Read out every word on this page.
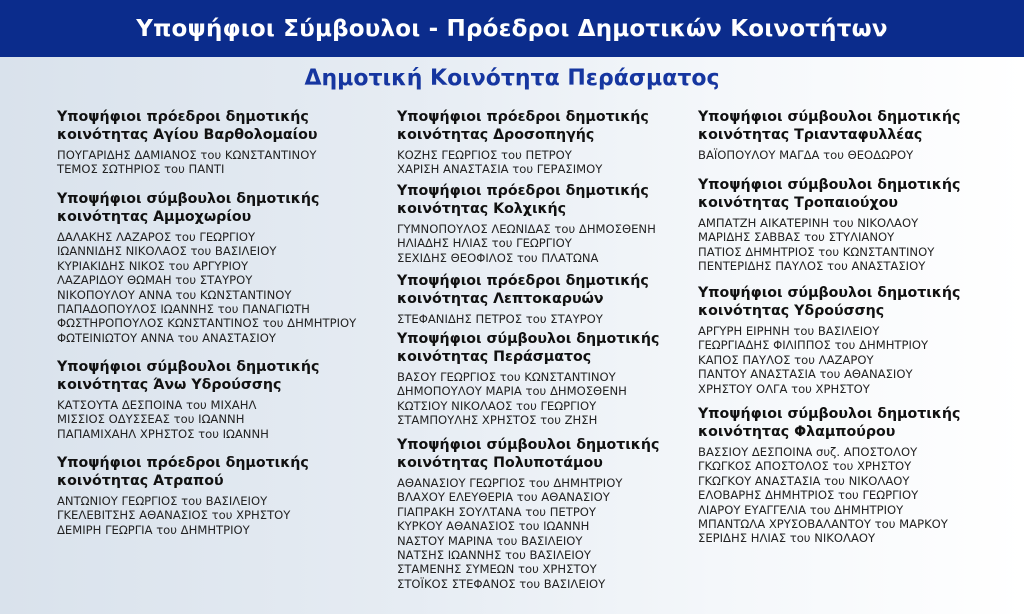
Υποψήφιοι Σύμβουλοι - Πρόεδροι Δημοτικών Κοινοτήτων
Δημοτική Κοινότητα Περάσματος
Υποψήφιοι πρόεδροι δημοτικής
κοινότητας Αγίου Βαρθολομαίου
ΠΟΥΓΑΡΙΔΗΣ ΔΑΜΙΑΝΟΣ του ΚΩΝΣΤΑΝΤΙΝΟΥ
ΤΕΜΟΣ ΣΩΤΗΡΙΟΣ του ΠΑΝΤΙ
Υποψήφιοι σύμβουλοι δημοτικής
κοινότητας Αμμοχωρίου
ΔΑΛΑΚΗΣ ΛΑΖΑΡΟΣ του ΓΕΩΡΓΙΟΥ
ΙΩΑΝΝΙΔΗΣ ΝΙΚΟΛΑΟΣ του ΒΑΣΙΛΕΙΟΥ
ΚΥΡΙΑΚΙΔΗΣ ΝΙΚΟΣ του ΑΡΓΥΡΙΟΥ
ΛΑΖΑΡΙΔΟΥ ΘΩΜΑΗ του ΣΤΑΥΡΟΥ
ΝΙΚΟΠΟΥΛΟΥ ΑΝΝΑ του ΚΩΝΣΤΑΝΤΙΝΟΥ
ΠΑΠΑΔΟΠΟΥΛΟΣ ΙΩΑΝΝΗΣ του ΠΑΝΑΓΙΩΤΗ
ΦΩΣΤΗΡΟΠΟΥΛΟΣ ΚΩΝΣΤΑΝΤΙΝΟΣ του ΔΗΜΗΤΡΙΟΥ
ΦΩΤΕΙΝΙΩΤΟΥ ΑΝΝΑ του ΑΝΑΣΤΑΣΙΟΥ
Υποψήφιοι σύμβουλοι δημοτικής
κοινότητας Άνω Υδρούσσης
ΚΑΤΣΟΥΤΑ ΔΕΣΠΟΙΝΑ του ΜΙΧΑΗΛ
ΜΙΣΣΙΟΣ ΟΔΥΣΣΕΑΣ του ΙΩΑΝΝΗ
ΠΑΠΑΜΙΧΑΗΛ ΧΡΗΣΤΟΣ του ΙΩΑΝΝΗ
Υποψήφιοι πρόεδροι δημοτικής
κοινότητας Ατραπού
ΑΝΤΩΝΙΟΥ ΓΕΩΡΓΙΟΣ του ΒΑΣΙΛΕΙΟΥ
ΓΚΕΛΕΒΙΤΣΗΣ ΑΘΑΝΑΣΙΟΣ του ΧΡΗΣΤΟΥ
ΔΕΜΙΡΗ ΓΕΩΡΓΙΑ του ΔΗΜΗΤΡΙΟΥ
Υποψήφιοι πρόεδροι δημοτικής
κοινότητας Δροσοπηγής
ΚΟΖΗΣ ΓΕΩΡΓΙΟΣ του ΠΕΤΡΟΥ
ΧΑΡΙΣΗ ΑΝΑΣΤΑΣΙΑ του ΓΕΡΑΣΙΜΟΥ
Υποψήφιοι πρόεδροι δημοτικής
κοινότητας Κολχικής
ΓΥΜΝΟΠΟΥΛΟΣ ΛΕΩΝΙΔΑΣ του ΔΗΜΟΣΘΕΝΗ
ΗΛΙΑΔΗΣ ΗΛΙΑΣ του ΓΕΩΡΓΙΟΥ
ΣΕΧΙΔΗΣ ΘΕΟΦΙΛΟΣ του ΠΛΑΤΩΝΑ
Υποψήφιοι πρόεδροι δημοτικής
κοινότητας Λεπτοκαρυών
ΣΤΕΦΑΝΙΔΗΣ ΠΕΤΡΟΣ του ΣΤΑΥΡΟΥ
Υποψήφιοι σύμβουλοι δημοτικής
κοινότητας Περάσματος
ΒΑΣΟΥ ΓΕΩΡΓΙΟΣ του ΚΩΝΣΤΑΝΤΙΝΟΥ
ΔΗΜΟΠΟΥΛΟΥ ΜΑΡΙΑ του ΔΗΜΟΣΘΕΝΗ
ΚΩΤΣΙΟΥ ΝΙΚΟΛΑΟΣ του ΓΕΩΡΓΙΟΥ
ΣΤΑΜΠΟΥΛΗΣ ΧΡΗΣΤΟΣ του ΖΗΣΗ
Υποψήφιοι σύμβουλοι δημοτικής
κοινότητας Πολυποτάμου
ΑΘΑΝΑΣΙΟΥ ΓΕΩΡΓΙΟΣ του ΔΗΜΗΤΡΙΟΥ
ΒΛΑΧΟΥ ΕΛΕΥΘΕΡΙΑ του ΑΘΑΝΑΣΙΟΥ
ΓΙΑΠΡΑΚΗ ΣΟΥΛΤΑΝΑ του ΠΕΤΡΟΥ
ΚΥΡΚΟΥ ΑΘΑΝΑΣΙΟΣ του ΙΩΑΝΝΗ
ΝΑΣΤΟΥ ΜΑΡΙΝΑ του ΒΑΣΙΛΕΙΟΥ
ΝΑΤΣΗΣ ΙΩΑΝΝΗΣ του ΒΑΣΙΛΕΙΟΥ
ΣΤΑΜΕΝΗΣ ΣΥΜΕΩΝ του ΧΡΗΣΤΟΥ
ΣΤΟΪΚΟΣ ΣΤΕΦΑΝΟΣ του ΒΑΣΙΛΕΙΟΥ
Υποψήφιοι σύμβουλοι δημοτικής
κοινότητας Τριανταφυλλέας
ΒΑΪΟΠΟΥΛΟΥ ΜΑΓΔΑ του ΘΕΟΔΩΡΟΥ
Υποψήφιοι σύμβουλοι δημοτικής
κοινότητας Τροπαιούχου
ΑΜΠΑΤΖΗ ΑΙΚΑΤΕΡΙΝΗ του ΝΙΚΟΛΑΟΥ
ΜΑΡΙΔΗΣ ΣΑΒΒΑΣ του ΣΤΥΛΙΑΝΟΥ
ΠΑΤΙΟΣ ΔΗΜΗΤΡΙΟΣ του ΚΩΝΣΤΑΝΤΙΝΟΥ
ΠΕΝΤΕΡΙΔΗΣ ΠΑΥΛΟΣ του ΑΝΑΣΤΑΣΙΟΥ
Υποψήφιοι σύμβουλοι δημοτικής
κοινότητας Υδρούσσης
ΑΡΓΥΡΗ ΕΙΡΗΝΗ του ΒΑΣΙΛΕΙΟΥ
ΓΕΩΡΓΙΑΔΗΣ ΦΙΛΙΠΠΟΣ του ΔΗΜΗΤΡΙΟΥ
ΚΑΠΟΣ ΠΑΥΛΟΣ του ΛΑΖΑΡΟΥ
ΠΑΝΤΟΥ ΑΝΑΣΤΑΣΙΑ του ΑΘΑΝΑΣΙΟΥ
ΧΡΗΣΤΟΥ ΟΛΓΑ του ΧΡΗΣΤΟΥ
Υποψήφιοι σύμβουλοι δημοτικής
κοινότητας Φλαμπούρου
ΒΑΣΣΙΟΥ ΔΕΣΠΟΙΝΑ συζ. ΑΠΟΣΤΟΛΟΥ
ΓΚΩΓΚΟΣ ΑΠΟΣΤΟΛΟΣ του ΧΡΗΣΤΟΥ
ΓΚΩΓΚΟΥ ΑΝΑΣΤΑΣΙΑ του ΝΙΚΟΛΑΟΥ
ΕΛΟΒΑΡΗΣ ΔΗΜΗΤΡΙΟΣ του ΓΕΩΡΓΙΟΥ
ΛΙΑΡΟΥ ΕΥΑΓΓΕΛΙΑ του ΔΗΜΗΤΡΙΟΥ
ΜΠΑΝΤΩΛΑ ΧΡΥΣΟΒΑΛΑΝΤΟΥ του ΜΑΡΚΟΥ
ΣΕΡΙΔΗΣ ΗΛΙΑΣ του ΝΙΚΟΛΑΟΥ
